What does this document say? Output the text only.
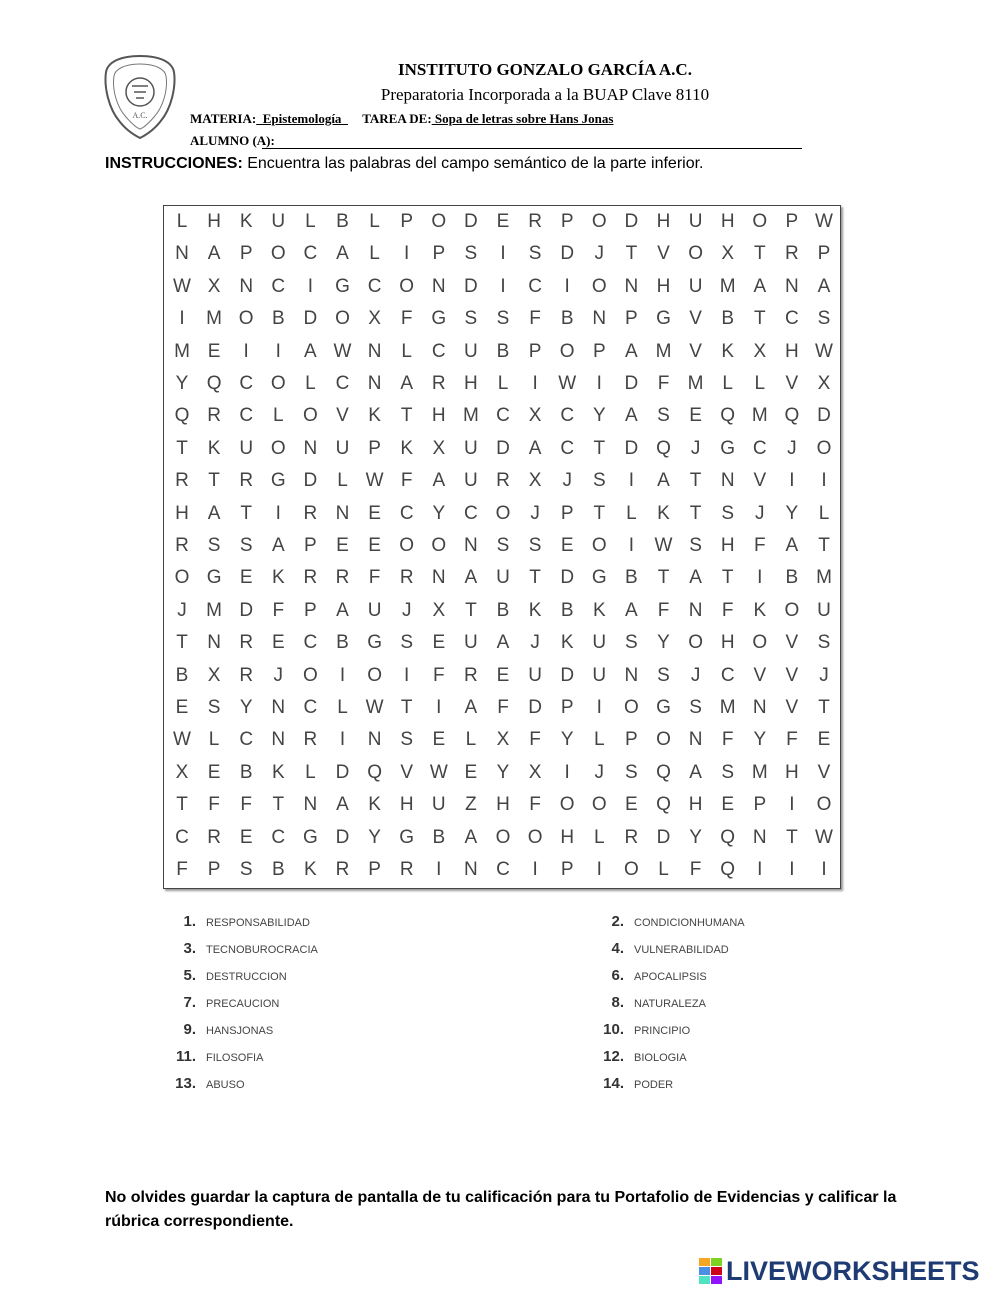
A.C.
INSTITUTO GONZALO GARCÍA A.C.
Preparatoria Incorporada a la BUAP Clave 8110
MATERIA:  Epistemología    TAREA DE: Sopa de letras sobre Hans Jonas
ALUMNO (A):
INSTRUCCIONES: Encuentra las palabras del campo semántico de la parte inferior.
L	H K U	L	B	L	P O D E R P O D H U H O P W
N A	P O C A	L	I	P	S	I	S D	J	T	V O X	T	R P
W X N C	I	G C O N D	I	C	I	O N H U M A N A
I	M O B D O X	F G S	S	F	B N P G V	B	T	C S
M E	I	I	A W N	L	C U B	P O P	A M V	K	X H W
Y Q C O	L	C N A R H	L	I	W	I	D	F M L	L	V	X
Q R C	L	O V	K	T	H M C X C Y	A	S	E Q M Q D
T	K U O N U P	K	X U D A C	T	D Q	J	G C	J	O
R	T	R G D	L W F	A U R X	J	S	I	A	T	N V	I	I
H A	T	I	R N E C Y C O	J	P	T	L	K	T	S	J	Y	L
R S	S	A	P	E	E O O N S	S	E O	I	W S H	F	A	T
O G E	K R R	F	R N A U	T	D G B	T	A	T	I	B M
J	M D	F	P	A U	J	X	T	B	K	B	K	A	F	N	F	K O U
T	N R E C B G S	E U A	J	K U S	Y O H O V	S
B	X R	J	O	I	O	I	F	R E U D U N S	J	C V	V	J
E	S	Y N C	L W T	I	A	F	D P	I	O G S M N V	T
W L	C N R	I	N S	E	L	X	F	Y	L	P O N	F	Y	F	E
X	E	B	K	L	D Q V W E	Y	X	I	J	S Q A	S M H V
T	F	F	T	N A	K H U	Z	H	F O O E Q H E	P	I	O
C R E C G D Y G B	A O O H	L	R D Y Q N	T W
F	P	S	B	K R P R	I	N C	I	P	I	O	L	F Q	I	I	I
1. RESPONSABILIDAD	2. CONDICIONHUMANA
3. TECNOBUROCRACIA	4. VULNERABILIDAD
5. DESTRUCCION	6. APOCALIPSIS
7. PRECAUCION	8. NATURALEZA
9. HANSJONAS	10. PRINCIPIO
11. FILOSOFIA	12. BIOLOGIA
13. ABUSO	14. PODER
No olvides guardar la captura de pantalla de tu calificación para tu Portafolio de Evidencias y calificar la rúbrica correspondiente.
LIVEWORKSHEETS
